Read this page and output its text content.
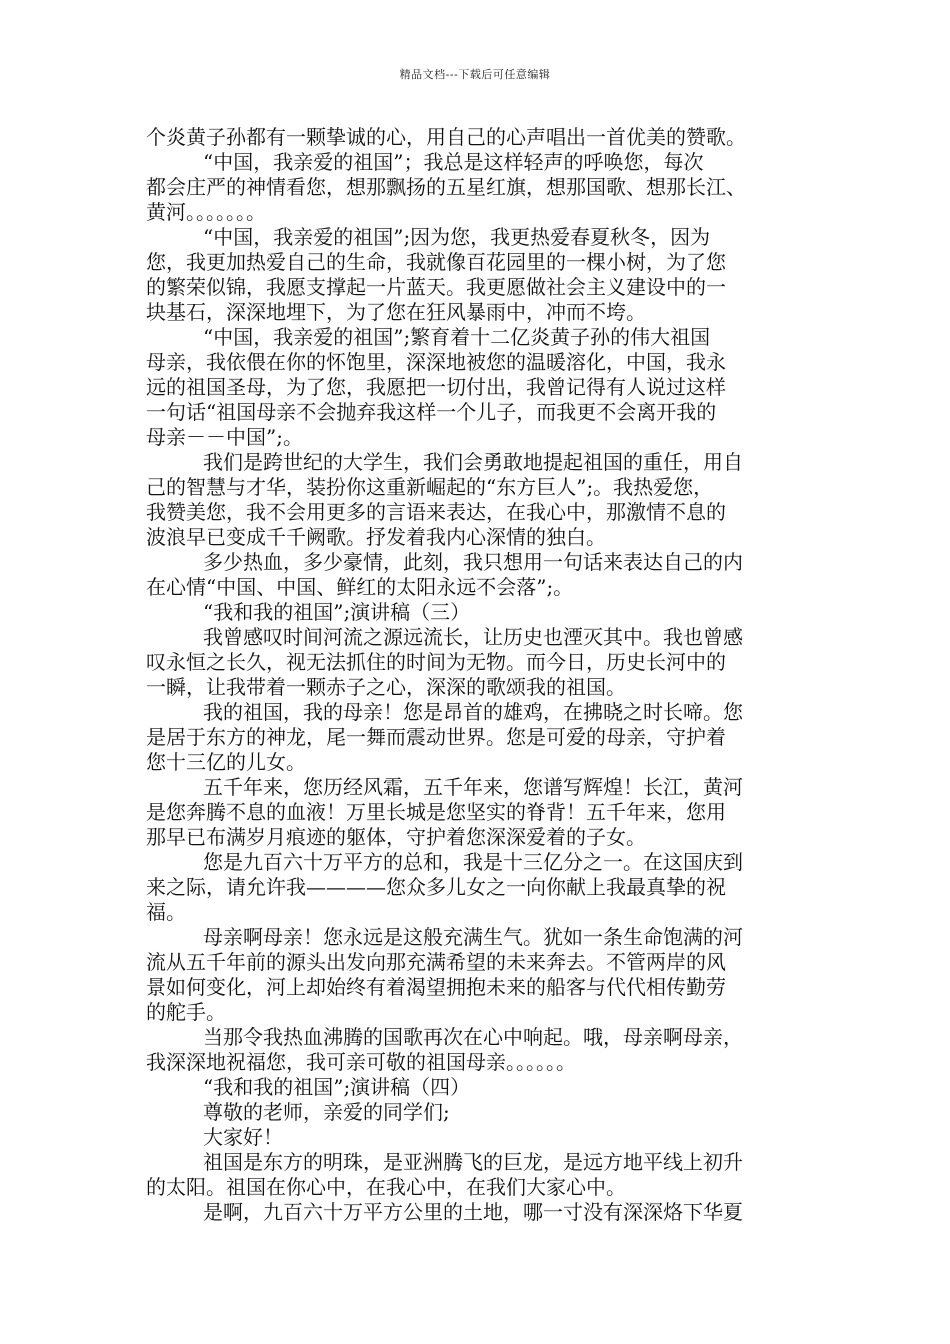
精品文档---下载后可任意编辑
个炎黄子孙都有一颗挚诚的心，用自己的心声唱出一首优美的赞歌。
“中国，我亲爱的祖国”；我总是这样轻声的呼唤您，每次
都会庄严的神情看您，想那飘扬的五星红旗，想那国歌、想那长江、
黄河。。。。。。。
“中国，我亲爱的祖国”;因为您，我更热爱春夏秋冬，因为
您，我更加热爱自己的生命，我就像百花园里的一棵小树，为了您
的繁荣似锦，我愿支撑起一片蓝天。我更愿做社会主义建设中的一
块基石，深深地埋下，为了您在狂风暴雨中，冲而不垮。
“中国，我亲爱的祖国”;繁育着十二亿炎黄子孙的伟大祖国
母亲，我依偎在你的怀饱里，深深地被您的温暖溶化，中国，我永
远的祖国圣母，为了您，我愿把一切付出，我曾记得有人说过这样
一句话“祖国母亲不会抛弃我这样一个儿子，而我更不会离开我的
母亲－－中国”;。
我们是跨世纪的大学生，我们会勇敢地提起祖国的重任，用自
己的智慧与才华，装扮你这重新崛起的“东方巨人”;。我热爱您，
我赞美您，我不会用更多的言语来表达，在我心中，那激情不息的
波浪早已变成千千阙歌。抒发着我内心深情的独白。
多少热血，多少豪情，此刻，我只想用一句话来表达自己的内
在心情“中国、中国、鲜红的太阳永远不会落”;。
“我和我的祖国”;演讲稿（三）
我曾感叹时间河流之源远流长，让历史也湮灭其中。我也曾感
叹永恒之长久，视无法抓住的时间为无物。而今日，历史长河中的
一瞬，让我带着一颗赤子之心，深深的歌颂我的祖国。
我的祖国，我的母亲！您是昂首的雄鸡，在拂晓之时长啼。您
是居于东方的神龙，尾一舞而震动世界。您是可爱的母亲，守护着
您十三亿的儿女。
五千年来，您历经风霜，五千年来，您谱写辉煌！长江，黄河
是您奔腾不息的血液！万里长城是您坚实的脊背！五千年来，您用
那早已布满岁月痕迹的躯体，守护着您深深爱着的子女。
您是九百六十万平方的总和，我是十三亿分之一。在这国庆到
来之际，请允许我————您众多儿女之一向你献上我最真挚的祝
福。
母亲啊母亲！您永远是这般充满生气。犹如一条生命饱满的河
流从五千年前的源头出发向那充满希望的未来奔去。不管两岸的风
景如何变化，河上却始终有着渴望拥抱未来的船客与代代相传勤劳
的舵手。
当那令我热血沸腾的国歌再次在心中响起。哦，母亲啊母亲，
我深深地祝福您，我可亲可敬的祖国母亲。。。。。。
“我和我的祖国”;演讲稿（四）
尊敬的老师，亲爱的同学们;
大家好！
祖国是东方的明珠，是亚洲腾飞的巨龙，是远方地平线上初升
的太阳。祖国在你心中，在我心中，在我们大家心中。
是啊，九百六十万平方公里的土地，哪一寸没有深深烙下华夏
